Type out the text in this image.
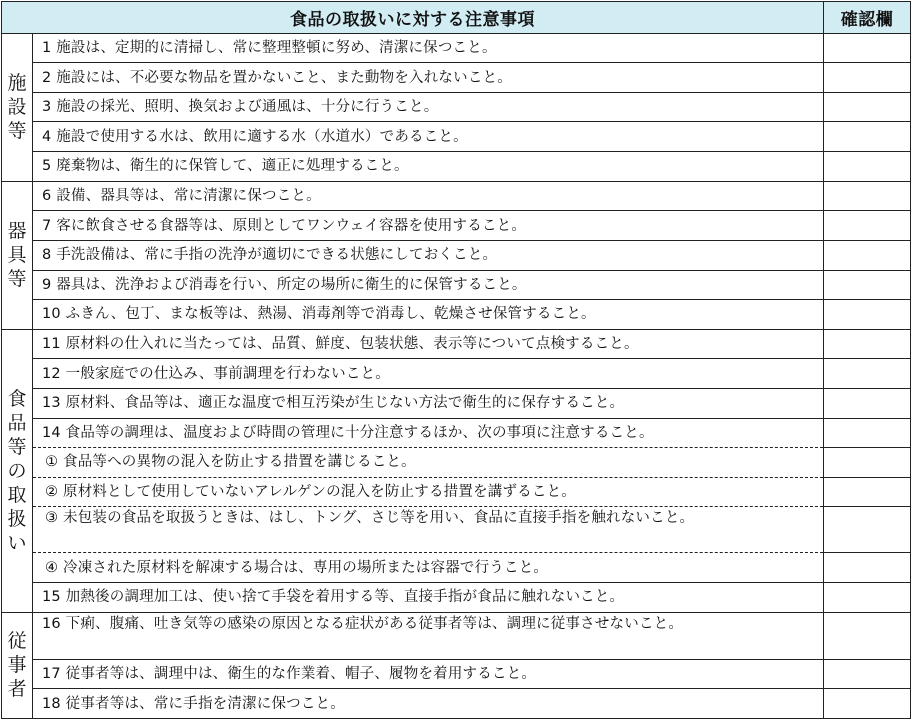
食品の取扱いに対する注意事項		確認欄
施設等	1 施設は、定期的に清掃し、常に整理整頓に努め、清潔に保つこと。	
	2 施設には、不必要な物品を置かないこと、また動物を入れないこと。	
	3 施設の採光、照明、換気および通風は、十分に行うこと。	
	4 施設で使用する水は、飲用に適する水（水道水）であること。	
	5 廃棄物は、衛生的に保管して、適正に処理すること。	
器具等	6 設備、器具等は、常に清潔に保つこと。	
	7 客に飲食させる食器等は、原則としてワンウェイ容器を使用すること。	
	8 手洗設備は、常に手指の洗浄が適切にできる状態にしておくこと。	
	9 器具は、洗浄および消毒を行い、所定の場所に衛生的に保管すること。	
	10 ふきん、包丁、まな板等は、熱湯、消毒剤等で消毒し、乾燥させ保管すること。	
食品等の取扱い	11 原材料の仕入れに当たっては、品質、鮮度、包装状態、表示等について点検すること。	
	12 一般家庭での仕込み、事前調理を行わないこと。	
	13 原材料、食品等は、適正な温度で相互汚染が生じない方法で衛生的に保存すること。	
	14 食品等の調理は、温度および時間の管理に十分注意するほか、次の事項に注意すること。	
	① 食品等への異物の混入を防止する措置を講じること。	
	② 原材料として使用していないアレルゲンの混入を防止する措置を講ずること。	
	③ 未包装の食品を取扱うときは、はし、トング、さじ等を用い、食品に直接手指を触れないこと。	
	④ 冷凍された原材料を解凍する場合は、専用の場所または容器で行うこと。	
	15 加熱後の調理加工は、使い捨て手袋を着用する等、直接手指が食品に触れないこと。	
従事者	16 下痢、腹痛、吐き気等の感染の原因となる症状がある従事者等は、調理に従事させないこと。	
	17 従事者等は、調理中は、衛生的な作業着、帽子、履物を着用すること。	
	18 従事者等は、常に手指を清潔に保つこと。	
